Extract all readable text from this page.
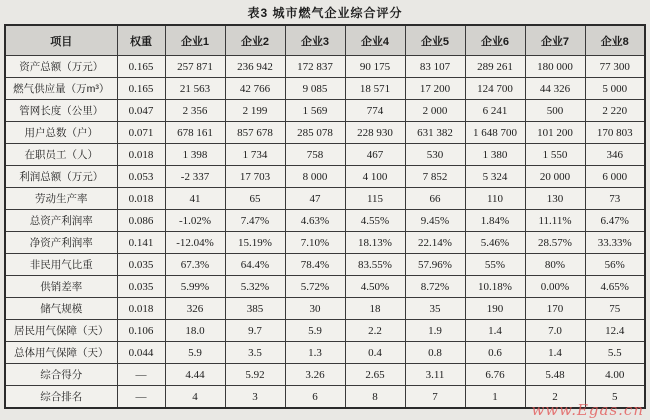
表3 城市燃气企业综合评分
项目	权重	企业1	企业2	企业3	企业4	企业5	企业6	企业7	企业8
资产总额（万元）	0.165	257 871	236 942	172 837	90 175	83 107	289 261	180 000	77 300
燃气供应量（万m³）	0.165	21 563	42 766	9 085	18 571	17 200	124 700	44 326	5 000
管网长度（公里）	0.047	2 356	2 199	1 569	774	2 000	6 241	500	2 220
用户总数（户）	0.071	678 161	857 678	285 078	228 930	631 382	1 648 700	101 200	170 803
在职员工（人）	0.018	1 398	1 734	758	467	530	1 380	1 550	346
利润总额（万元）	0.053	-2 337	17 703	8 000	4 100	7 852	5 324	20 000	6 000
劳动生产率	0.018	41	65	47	115	66	110	130	73
总资产利润率	0.086	-1.02%	7.47%	4.63%	4.55%	9.45%	1.84%	11.11%	6.47%
净资产利润率	0.141	-12.04%	15.19%	7.10%	18.13%	22.14%	5.46%	28.57%	33.33%
非民用气比重	0.035	67.3%	64.4%	78.4%	83.55%	57.96%	55%	80%	56%
供销差率	0.035	5.99%	5.32%	5.72%	4.50%	8.72%	10.18%	0.00%	4.65%
储气规模	0.018	326	385	30	18	35	190	170	75
居民用气保障（天）	0.106	18.0	9.7	5.9	2.2	1.9	1.4	7.0	12.4
总体用气保障（天）	0.044	5.9	3.5	1.3	0.4	0.8	0.6	1.4	5.5
综合得分	—	4.44	5.92	3.26	2.65	3.11	6.76	5.48	4.00
综合排名	—	4	3	6	8	7	1	2	5
www.Egas.cn
